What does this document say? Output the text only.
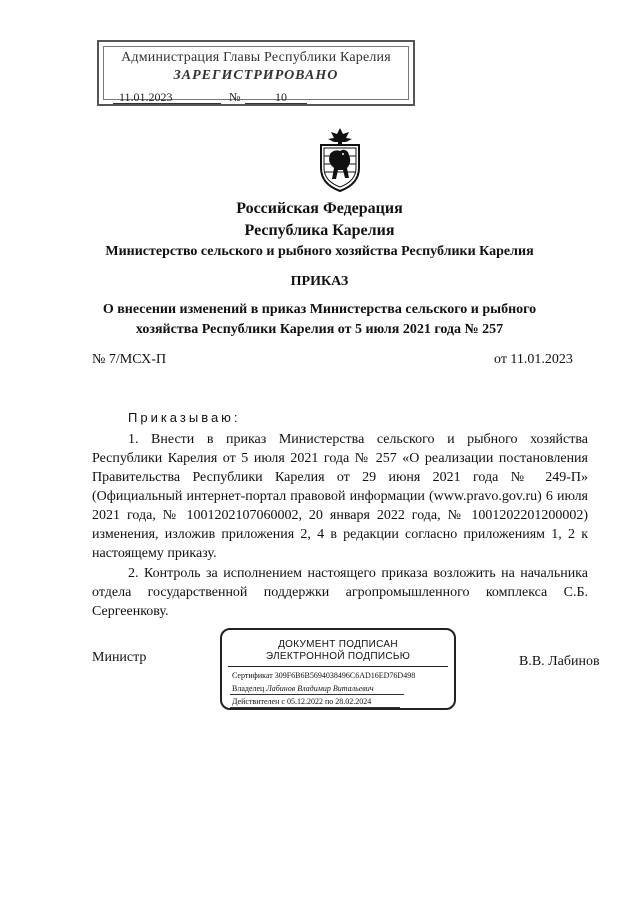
Администрация Главы Республики Карелия
ЗАРЕГИСТРИРОВАНО
11.01.2023	№	10
Российская Федерация
Республика Карелия
Министерство сельского и рыбного хозяйства Республики Карелия
ПРИКАЗ
О внесении изменений в приказ Министерства сельского и рыбного
хозяйства Республики Карелия от 5 июля 2021 года № 257
№ 7/МСХ-П	от 11.01.2023
Приказываю:
1. Внести в приказ Министерства сельского и рыбного хозяйства Республики Карелия от 5 июля 2021 года № 257 «О реализации постановления Правительства Республики Карелия от 29 июня 2021 года № 249-П» (Официальный интернет-портал правовой информации (www.pravo.gov.ru) 6 июля 2021 года, № 1001202107060002, 20 января 2022 года, № 1001202201200002) изменения, изложив приложения 2, 4 в редакции согласно приложениям 1, 2 к настоящему приказу.
2. Контроль за исполнением настоящего приказа возложить на начальника отдела государственной поддержки агропромышленного комплекса С.Б. Сергеенкову.
Министр	В.В. Лабинов
ДОКУМЕНТ ПОДПИСАН
ЭЛЕКТРОННОЙ ПОДПИСЬЮ
Сертификат 309F6B6B5694038496C6AD16ED76D498
Владелец Лабинов Владимир Витальевич
Действителен с 05.12.2022 по 28.02.2024
